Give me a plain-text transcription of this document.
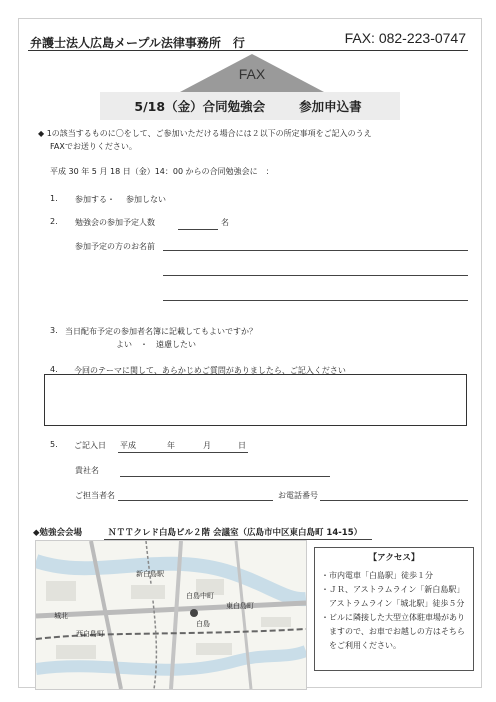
弁護士法人広島メープル法律事務所　行	FAX: 082-223-0747
FAX
5/18（金）合同勉強会	参加申込書
◆ 1の該当するものに〇をして、ご参加いただける場合には２以下の所定事項をご記入のうえ
FAXでお送りください。
平成 30 年 5 月 18 日（金）14：00 からの合同勉強会に　：
1. 参加する・ 参加しない
2. 勉強会の参加予定人数	名
参加予定の方のお名前
3. 当日配布予定の参加者名簿に記載してもよいですか？
よい　・　遠慮したい
4. 今回のテーマに関して、あらかじめご質問がありましたら、ご記入ください
5. ご記入日 平成	年	月	日
貴社名
ご担当者名	お電話番号
◆勉強会会場	ＮＴＴクレド白島ビル２階 会議室（広島市中区東白島町 14-15）
新白島駅
白島
東白島町
城北
西白島町
白島中町
【アクセス】
・市内電車「白島駅」徒歩１分
・ＪＲ、アストラムライン「新白島駅」
　アストラムライン「城北駅」徒歩５分
・ビルに隣接した大型立体駐車場があり
　ますので、お車でお越しの方はそちら
　をご利用ください。
